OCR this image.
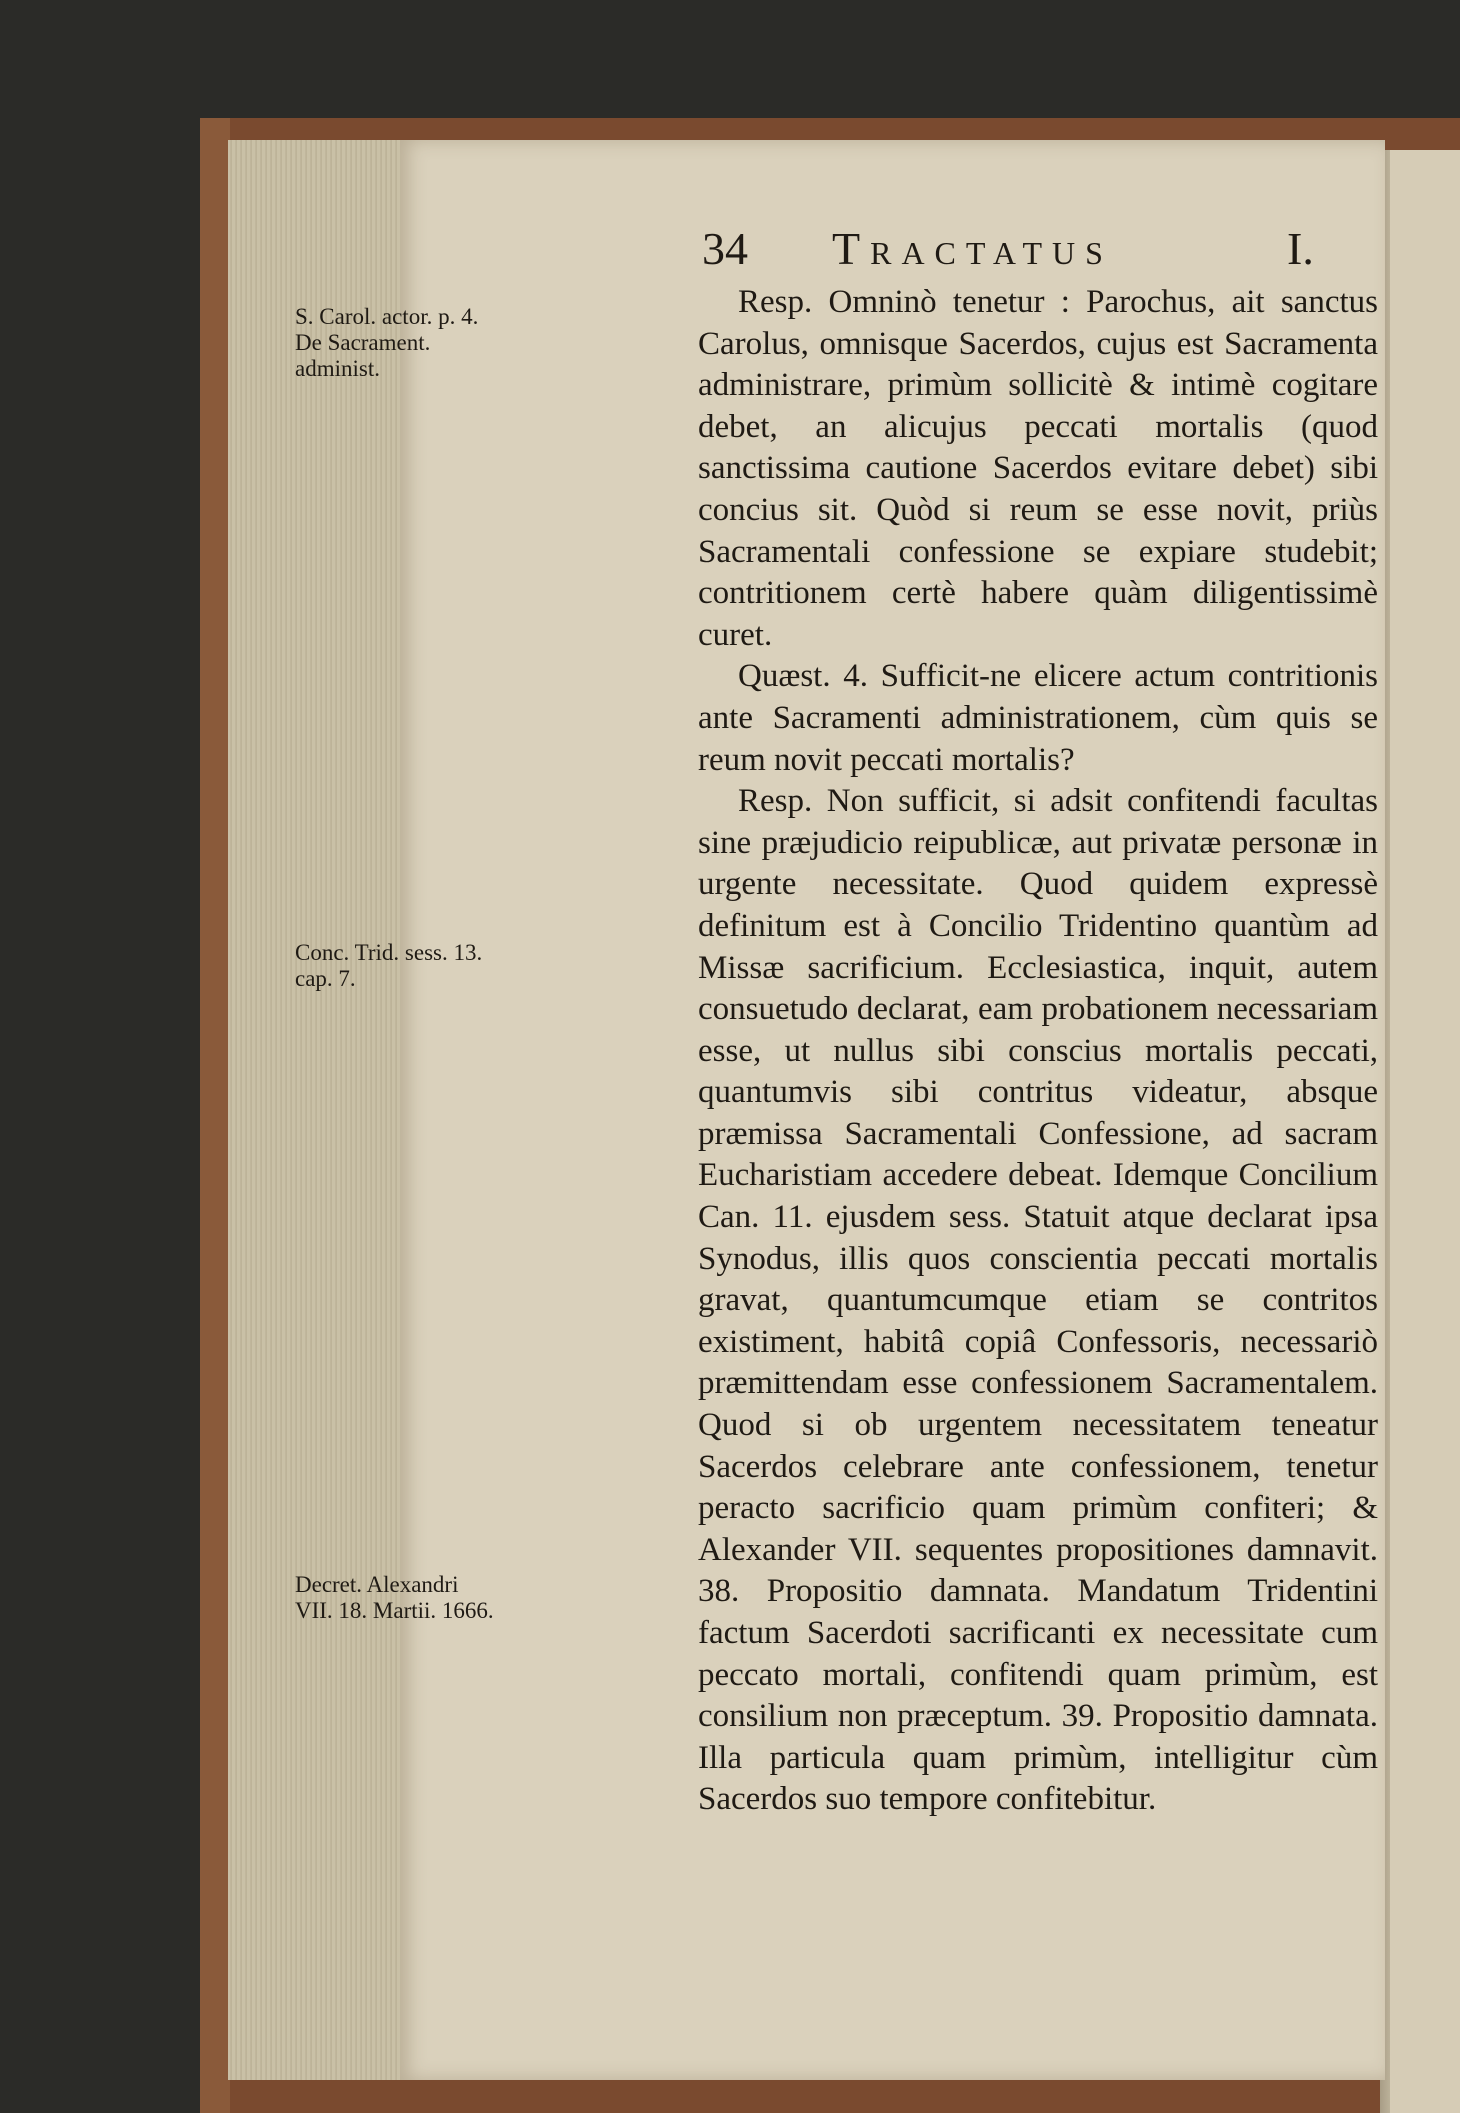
34 Tractatus	I.
S. Carol. actor. p. 4. De Sacrament. administ.
Conc. Trid. sess. 13. cap. 7.
Decret. Alexandri VII. 18. Martii. 1666.

Resp. Omninò tenetur : Parochus, ait sanctus Carolus, omnisque Sacerdos, cujus est Sacramenta administrare, primùm sollicitè & intimè cogitare debet, an alicujus peccati mortalis (quod sanctissima cautione Sacerdos evitare debet) sibi concius sit. Quòd si reum se esse novit, priùs Sacramentali confessione se expiare studebit; contritionem certè habere quàm diligentissimè curet.

Quæst. 4. Sufficit-ne elicere actum contritionis ante Sacramenti administrationem, cùm quis se reum novit peccati mortalis?

Resp. Non sufficit, si adsit confitendi facultas sine præjudicio reipublicæ, aut privatæ personæ in urgente necessitate. Quod quidem expressè definitum est à Concilio Tridentino quantùm ad Missæ sacrificium. Ecclesiastica, inquit, autem consuetudo declarat, eam probationem necessariam esse, ut nullus sibi conscius mortalis peccati, quantumvis sibi contritus videatur, absque præmissa Sacramentali Confessione, ad sacram Eucharistiam accedere debeat. Idemque Concilium Can. 11. ejusdem sess. Statuit atque declarat ipsa Synodus, illis quos conscientia peccati mortalis gravat, quantumcumque etiam se contritos existiment, habitâ copiâ Confessoris, necessariò præmittendam esse confessionem Sacramentalem. Quod si ob urgentem necessitatem teneatur Sacerdos celebrare ante confessionem, tenetur peracto sacrificio quam primùm confiteri; & Alexander VII. sequentes propositiones damnavit. 38. Propositio damnata. Mandatum Tridentini factum Sacerdoti sacrificanti ex necessitate cum peccato mortali, confitendi quam primùm, est consilium non præceptum. 39. Propositio damnata. Illa particula quam primùm, intelligitur cùm Sacerdos suo tempore confitebitur.
